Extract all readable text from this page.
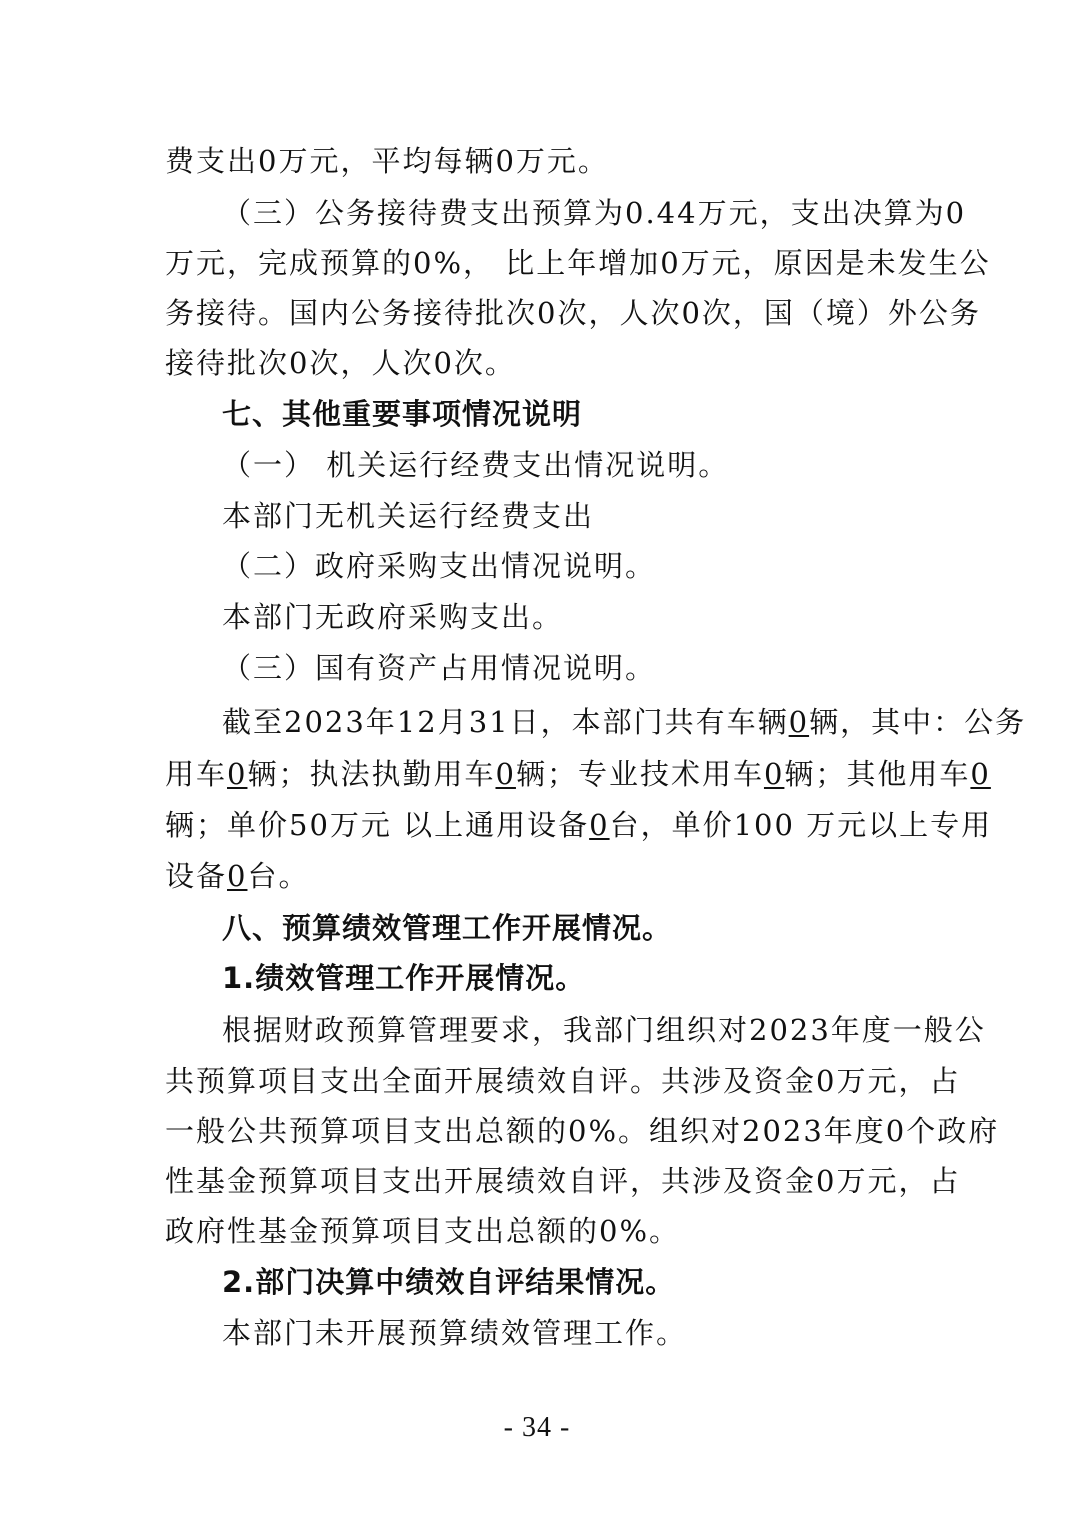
费支出0万元，平均每辆0万元。
（三）公务接待费支出预算为0.44万元，支出决算为0
万元，完成预算的0%， 比上年增加0万元，原因是未发生公
务接待。国内公务接待批次0次，人次0次，国（境）外公务
接待批次0次，人次0次。
七、其他重要事项情况说明
（一） 机关运行经费支出情况说明。
本部门无机关运行经费支出
（二）政府采购支出情况说明。
本部门无政府采购支出。
（三）国有资产占用情况说明。
截至2023年12月31日，本部门共有车辆0辆，其中：公务
用车0辆；执法执勤用车0辆；专业技术用车0辆；其他用车0
辆；单价50万元 以上通用设备0台，单价100 万元以上专用
设备0台。
八、预算绩效管理工作开展情况。
1.绩效管理工作开展情况。
根据财政预算管理要求，我部门组织对2023年度一般公
共预算项目支出全面开展绩效自评。共涉及资金0万元，占
一般公共预算项目支出总额的0%。组织对2023年度0个政府
性基金预算项目支出开展绩效自评，共涉及资金0万元，占
政府性基金预算项目支出总额的0%。
2.部门决算中绩效自评结果情况。
本部门未开展预算绩效管理工作。
- 34 -
